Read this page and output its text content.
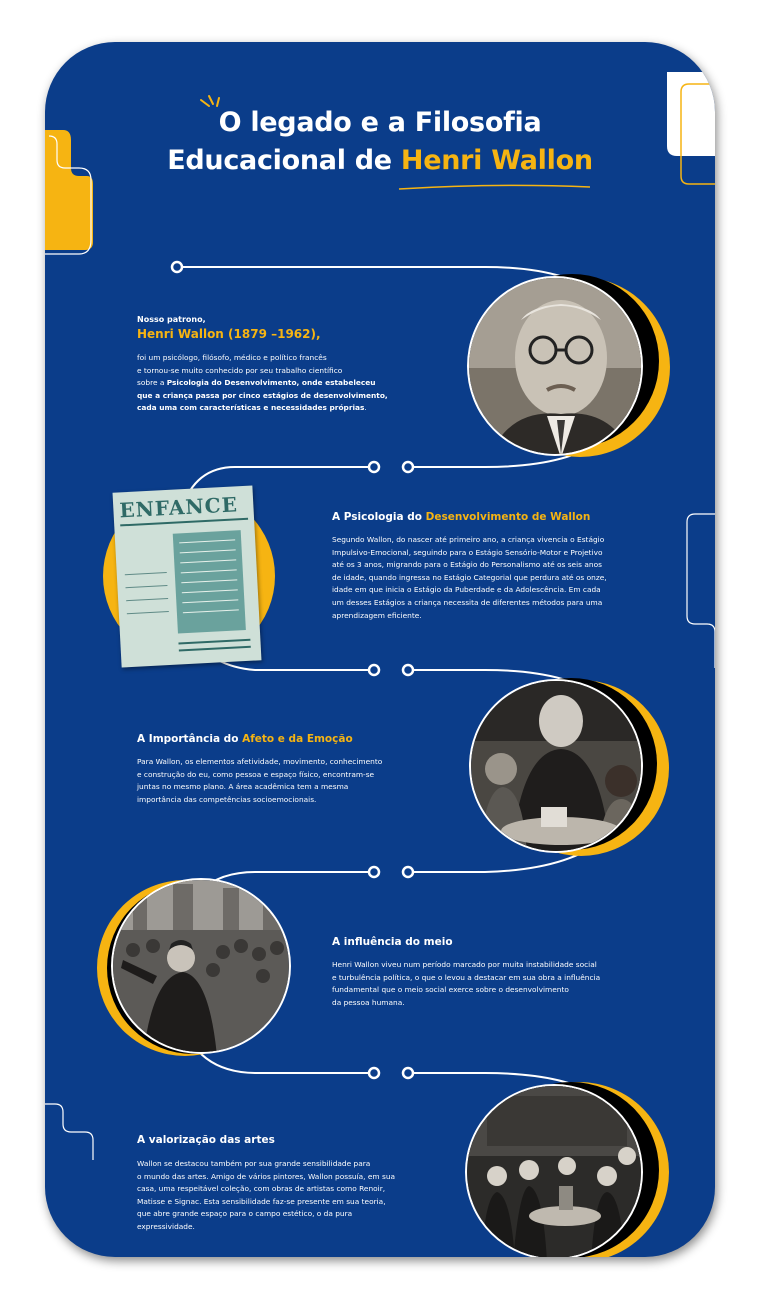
O legado e a Filosofia
Educacional de Henri Wallon
Nosso patrono,
Henri Wallon (1879 –1962),
foi um psicólogo, filósofo, médico e político francês
e tornou-se muito conhecido por seu trabalho científico
sobre a Psicologia do Desenvolvimento, onde estabeleceu
que a criança passa por cinco estágios de desenvolvimento,
cada uma com características e necessidades próprias.
ENFANCE	A Psicologia do Desenvolvimento de Wallon
Segundo Wallon, do nascer até primeiro ano, a criança vivencia o Estágio
Impulsivo-Emocional, seguindo para o Estágio Sensório-Motor e Projetivo
até os 3 anos, migrando para o Estágio do Personalismo até os seis anos
de idade, quando ingressa no Estágio Categorial que perdura até os onze,
idade em que inicia o Estágio da Puberdade e da Adolescência. Em cada
um desses Estágios a criança necessita de diferentes métodos para uma
aprendizagem eficiente.
A Importância do Afeto e da Emoção
Para Wallon, os elementos afetividade, movimento, conhecimento
e construção do eu, como pessoa e espaço físico, encontram-se
juntas no mesmo plano. A área acadêmica tem a mesma
importância das competências socioemocionais.
A influência do meio
Henri Wallon viveu num período marcado por muita instabilidade social
e turbulência política, o que o levou a destacar em sua obra a influência
fundamental que o meio social exerce sobre o desenvolvimento
da pessoa humana.
A valorização das artes
Wallon se destacou também por sua grande sensibilidade para
o mundo das artes. Amigo de vários pintores, Wallon possuía, em sua
casa, uma respeitável coleção, com obras de artistas como Renoir,
Matisse e Signac. Esta sensibilidade faz-se presente em sua teoria,
que abre grande espaço para o campo estético, o da pura
expressividade.
